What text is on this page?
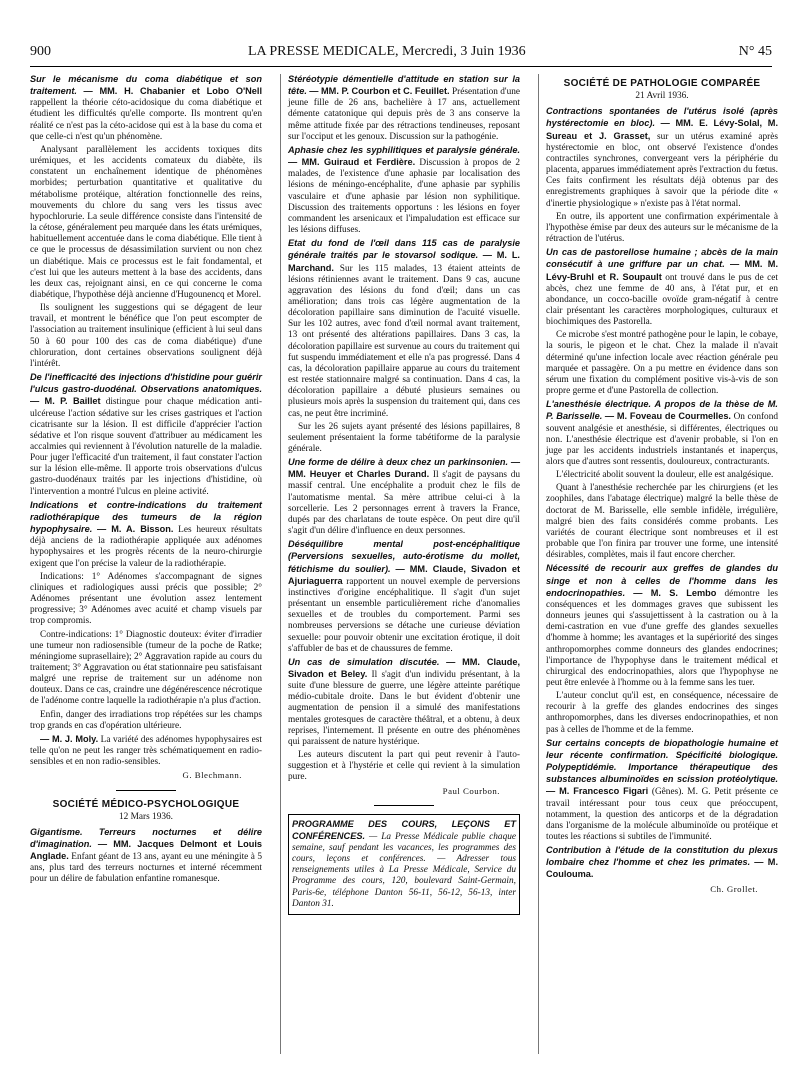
900	LA PRESSE MEDICALE, Mercredi, 3 Juin 1936	N° 45

Sur le mécanisme du coma diabétique et son traitement. — MM. H. Chabanier et Lobo O'Nell rappellent la théorie céto-acidosique du coma diabétique et étudient les difficultés qu'elle comporte. Ils montrent qu'en réalité ce n'est pas la céto-acidose qui est à la base du coma et que celle-ci n'est qu'un phénomène.

Analysant parallèlement les accidents toxiques dits urémiques, et les accidents comateux du diabète, ils constatent un enchaînement identique de phénomènes morbides; perturbation quantitative et qualitative du métabolisme protéique, altération fonctionnelle des reins, mouvements du chlore du sang vers les tissus avec hypochlorurie. La seule différence consiste dans l'intensité de la cétose, généralement peu marquée dans les états urémiques, habituellement accentuée dans le coma diabétique. Elle tient à ce que le processus de désassimilation survient ou non chez un diabétique. Mais ce processus est le fait fondamental, et c'est lui que les auteurs mettent à la base des accidents, dans les deux cas, rejoignant ainsi, en ce qui concerne le coma diabétique, l'hypothèse déjà ancienne d'Hugounencq et Morel.

Ils soulignent les suggestions qui se dégagent de leur travail, et montrent le bénéfice que l'on peut escompter de l'association au traitement insulinique (efficient à lui seul dans 50 à 60 pour 100 des cas de coma diabétique) d'une chloruration, dont certaines observations soulignent déjà l'intérêt.

De l'inefficacité des injections d'histidine pour guérir l'ulcus gastro-duodénal. Observations anatomiques. — M. P. Baillet distingue pour chaque médication anti-ulcéreuse l'action sédative sur les crises gastriques et l'action cicatrisante sur la lésion. Il est difficile d'apprécier l'action sédative et l'on risque souvent d'attribuer au médicament les accalmies qui reviennent à l'évolution naturelle de la maladie. Pour juger l'efficacité d'un traitement, il faut constater l'action sur la lésion elle-même. Il apporte trois observations d'ulcus gastro-duodénaux traités par les injections d'histidine, où l'intervention a montré l'ulcus en pleine activité.

Indications et contre-indications du traitement radiothérapique des tumeurs de la région hypophysaire. — M. A. Bisson. Les heureux résultats déjà anciens de la radiothérapie appliquée aux adénomes hypophysaires et les progrès récents de la neuro-chirurgie exigent que l'on précise la valeur de la radiothérapie.

Indications: 1° Adénomes s'accompagnant de signes cliniques et radiologiques aussi précis que possible; 2° Adénomes présentant une évolution assez lentement progressive; 3° Adénomes avec acuité et champ visuels par trop compromis.

Contre-indications: 1° Diagnostic douteux: éviter d'irradier une tumeur non radiosensible (tumeur de la poche de Ratke; méningiome suprasellaire); 2° Aggravation rapide au cours du traitement; 3° Aggravation ou état stationnaire peu satisfaisant malgré une reprise de traitement sur un adénome non douteux. Dans ce cas, craindre une dégénérescence nécrotique de l'adénome contre laquelle la radiothérapie n'a plus d'action.

Enfin, danger des irradiations trop répétées sur les champs trop grands en cas d'opération ultérieure.

— M. J. Moly. La variété des adénomes hypophysaires est telle qu'on ne peut les ranger très schématiquement en radio-sensibles et en non radio-sensibles.

G. Blechmann.
SOCIÉTÉ MÉDICO-PSYCHOLOGIQUE
12 Mars 1936.

Gigantisme. Terreurs nocturnes et délire d'imagination. — MM. Jacques Delmont et Louis Anglade. Enfant géant de 13 ans, ayant eu une méningite à 5 ans, plus tard des terreurs nocturnes et interné récemment pour un délire de fabulation enfantine romanesque.

Stéréotypie démentielle d'attitude en station sur la tête. — MM. P. Courbon et C. Feuillet. Présentation d'une jeune fille de 26 ans, bachelière à 17 ans, actuellement démente catatonique qui depuis près de 3 ans conserve la même attitude fixée par des rétractions tendineuses, reposant sur l'occiput et les genoux. Discussion sur la pathogénie.

Aphasie chez les syphilitiques et paralysie générale. — MM. Guiraud et Ferdière. Discussion à propos de 2 malades, de l'existence d'une aphasie par localisation des lésions de méningo-encéphalite, d'une aphasie par syphilis vasculaire et d'une aphasie par lésion non syphilitique. Discussion des traitements opportuns : les lésions en foyer commandent les arsenicaux et l'impaludation est efficace sur les lésions diffuses.

Etat du fond de l'œil dans 115 cas de paralysie générale traités par le stovarsol sodique. — M. L. Marchand. Sur les 115 malades, 13 étaient atteints de lésions rétiniennes avant le traitement. Dans 9 cas, aucune aggravation des lésions du fond d'œil; dans un cas amélioration; dans trois cas légère augmentation de la décoloration papillaire sans diminution de l'acuité visuelle. Sur les 102 autres, avec fond d'œil normal avant traitement, 13 ont présenté des altérations papillaires. Dans 3 cas, la décoloration papillaire est survenue au cours du traitement qui fut suspendu immédiatement et elle n'a pas progressé. Dans 4 cas, la décoloration papillaire apparue au cours du traitement est restée stationnaire malgré sa continuation. Dans 4 cas, la décoloration papillaire a débuté plusieurs semaines ou plusieurs mois après la suspension du traitement qui, dans ces cas, ne peut être incriminé.

Sur les 26 sujets ayant présenté des lésions papillaires, 8 seulement présentaient la forme tabétiforme de la paralysie générale.

Une forme de délire à deux chez un parkinsonien. — MM. Heuyer et Charles Durand. Il s'agit de paysans du massif central. Une encéphalite a produit chez le fils de l'automatisme mental. Sa mère attribue celui-ci à la sorcellerie. Les 2 personnages errent à travers la France, dupés par des charlatans de toute espèce. On peut dire qu'il s'agit d'un délire d'influence en deux personnes.

Déséquilibre mental post-encéphalitique (Perversions sexuelles, auto-érotisme du mollet, fétichisme du soulier). — MM. Claude, Sivadon et Ajuriaguerra rapportent un nouvel exemple de perversions instinctives d'origine encéphalitique. Il s'agit d'un sujet présentant un ensemble particulièrement riche d'anomalies sexuelles et de troubles du comportement. Parmi ses nombreuses perversions se détache une curieuse déviation sexuelle: pour pouvoir obtenir une excitation érotique, il doit s'affubler de bas et de chaussures de femme.

Un cas de simulation discutée. — MM. Claude, Sivadon et Beley. Il s'agit d'un individu présentant, à la suite d'une blessure de guerre, une légère atteinte parétique médio-cubitale droite. Dans le but évident d'obtenir une augmentation de pension il a simulé des manifestations mentales grotesques de caractère théâtral, et a obtenu, à deux reprises, l'internement. Il présente en outre des phénomènes qui paraissent de nature hystérique.

Les auteurs discutent la part qui peut revenir à l'auto-suggestion et à l'hystérie et celle qui revient à la simulation pure.

Paul Courbon.
PROGRAMME DES COURS, LEÇONS ET CONFÉRENCES. — La Presse Médicale publie chaque semaine, sauf pendant les vacances, les programmes des cours, leçons et conférences. — Adresser tous renseignements utiles à La Presse Médicale, Service du Programme des cours, 120, boulevard Saint-Germain, Paris-6e, téléphone Danton 56-11, 56-12, 56-13, inter Danton 31.
SOCIÉTÉ DE PATHOLOGIE COMPARÉE
21 Avril 1936.

Contractions spontanées de l'utérus isolé (après hystérectomie en bloc). — MM. E. Lévy-Solal, M. Sureau et J. Grasset, sur un utérus examiné après hystérectomie en bloc, ont observé l'existence d'ondes contractiles synchrones, convergeant vers la périphérie du placenta, apparues immédiatement après l'extraction du fœtus. Ces faits confirment les résultats déjà obtenus par des enregistrements graphiques à savoir que la période dite « d'inertie physiologique » n'existe pas à l'état normal.

En outre, ils apportent une confirmation expérimentale à l'hypothèse émise par deux des auteurs sur le mécanisme de la rétraction de l'utérus.

Un cas de pastorellose humaine ; abcès de la main consécutif à une griffure par un chat. — MM. M. Lévy-Bruhl et R. Soupault ont trouvé dans le pus de cet abcès, chez une femme de 40 ans, à l'état pur, et en abondance, un cocco-bacille ovoïde gram-négatif à centre clair présentant les caractères morphologiques, culturaux et biochimiques des Pastorella.

Ce microbe s'est montré pathogène pour le lapin, le cobaye, la souris, le pigeon et le chat. Chez la malade il n'avait déterminé qu'une infection locale avec réaction générale peu marquée et passagère. On a pu mettre en évidence dans son sérum une fixation du complément positive vis-à-vis de son propre germe et d'une Pastorella de collection.

L'anesthésie électrique. A propos de la thèse de M. P. Barisselle. — M. Foveau de Courmelles. On confond souvent analgésie et anesthésie, si différentes, électriques ou non. L'anesthésie électrique est d'avenir probable, si l'on en juge par les accidents industriels instantanés et inaperçus, alors que d'autres sont ressentis, douloureux, contracturants.

L'électricité abolit souvent la douleur, elle est analgésique.

Quant à l'anesthésie recherchée par les chirurgiens (et les zoophiles, dans l'abatage électrique) malgré la belle thèse de doctorat de M. Barisselle, elle semble infidèle, irrégulière, malgré bien des faits considérés comme probants. Les variétés de courant électrique sont nombreuses et il est probable que l'on finira par trouver une forme, une intensité désirables, complètes, mais il faut encore chercher.

Nécessité de recourir aux greffes de glandes du singe et non à celles de l'homme dans les endocrinopathies. — M. S. Lembo démontre les conséquences et les dommages graves que subissent les donneurs jeunes qui s'assujettissent à la castration ou à la demi-castration en vue d'une greffe des glandes sexuelles d'homme à homme; les avantages et la supériorité des singes anthropomorphes comme donneurs des glandes endocrines; l'importance de l'hypophyse dans le traitement médical et chirurgical des endocrinopathies, alors que l'hypophyse ne peut être enlevée à l'homme ou à la femme sans les tuer.

L'auteur conclut qu'il est, en conséquence, nécessaire de recourir à la greffe des glandes endocrines des singes anthropomorphes, dans les diverses endocrinopathies, et non pas à celles de l'homme et de la femme.

Sur certains concepts de biopathologie humaine et leur récente confirmation. Spécificité biologique. Polypeptidémie. Importance thérapeutique des substances albuminoïdes en scission protéolytique. — M. Francesco Figari (Gênes). M. G. Petit présente ce travail intéressant pour tous ceux que préoccupent, notamment, la question des anticorps et de la dégradation dans l'organisme de la molécule albuminoïde ou protéique et toutes les réactions si subtiles de l'immunité.

Contribution à l'étude de la constitution du plexus lombaire chez l'homme et chez les primates. — M. Couloumа.

Ch. Grollet.
